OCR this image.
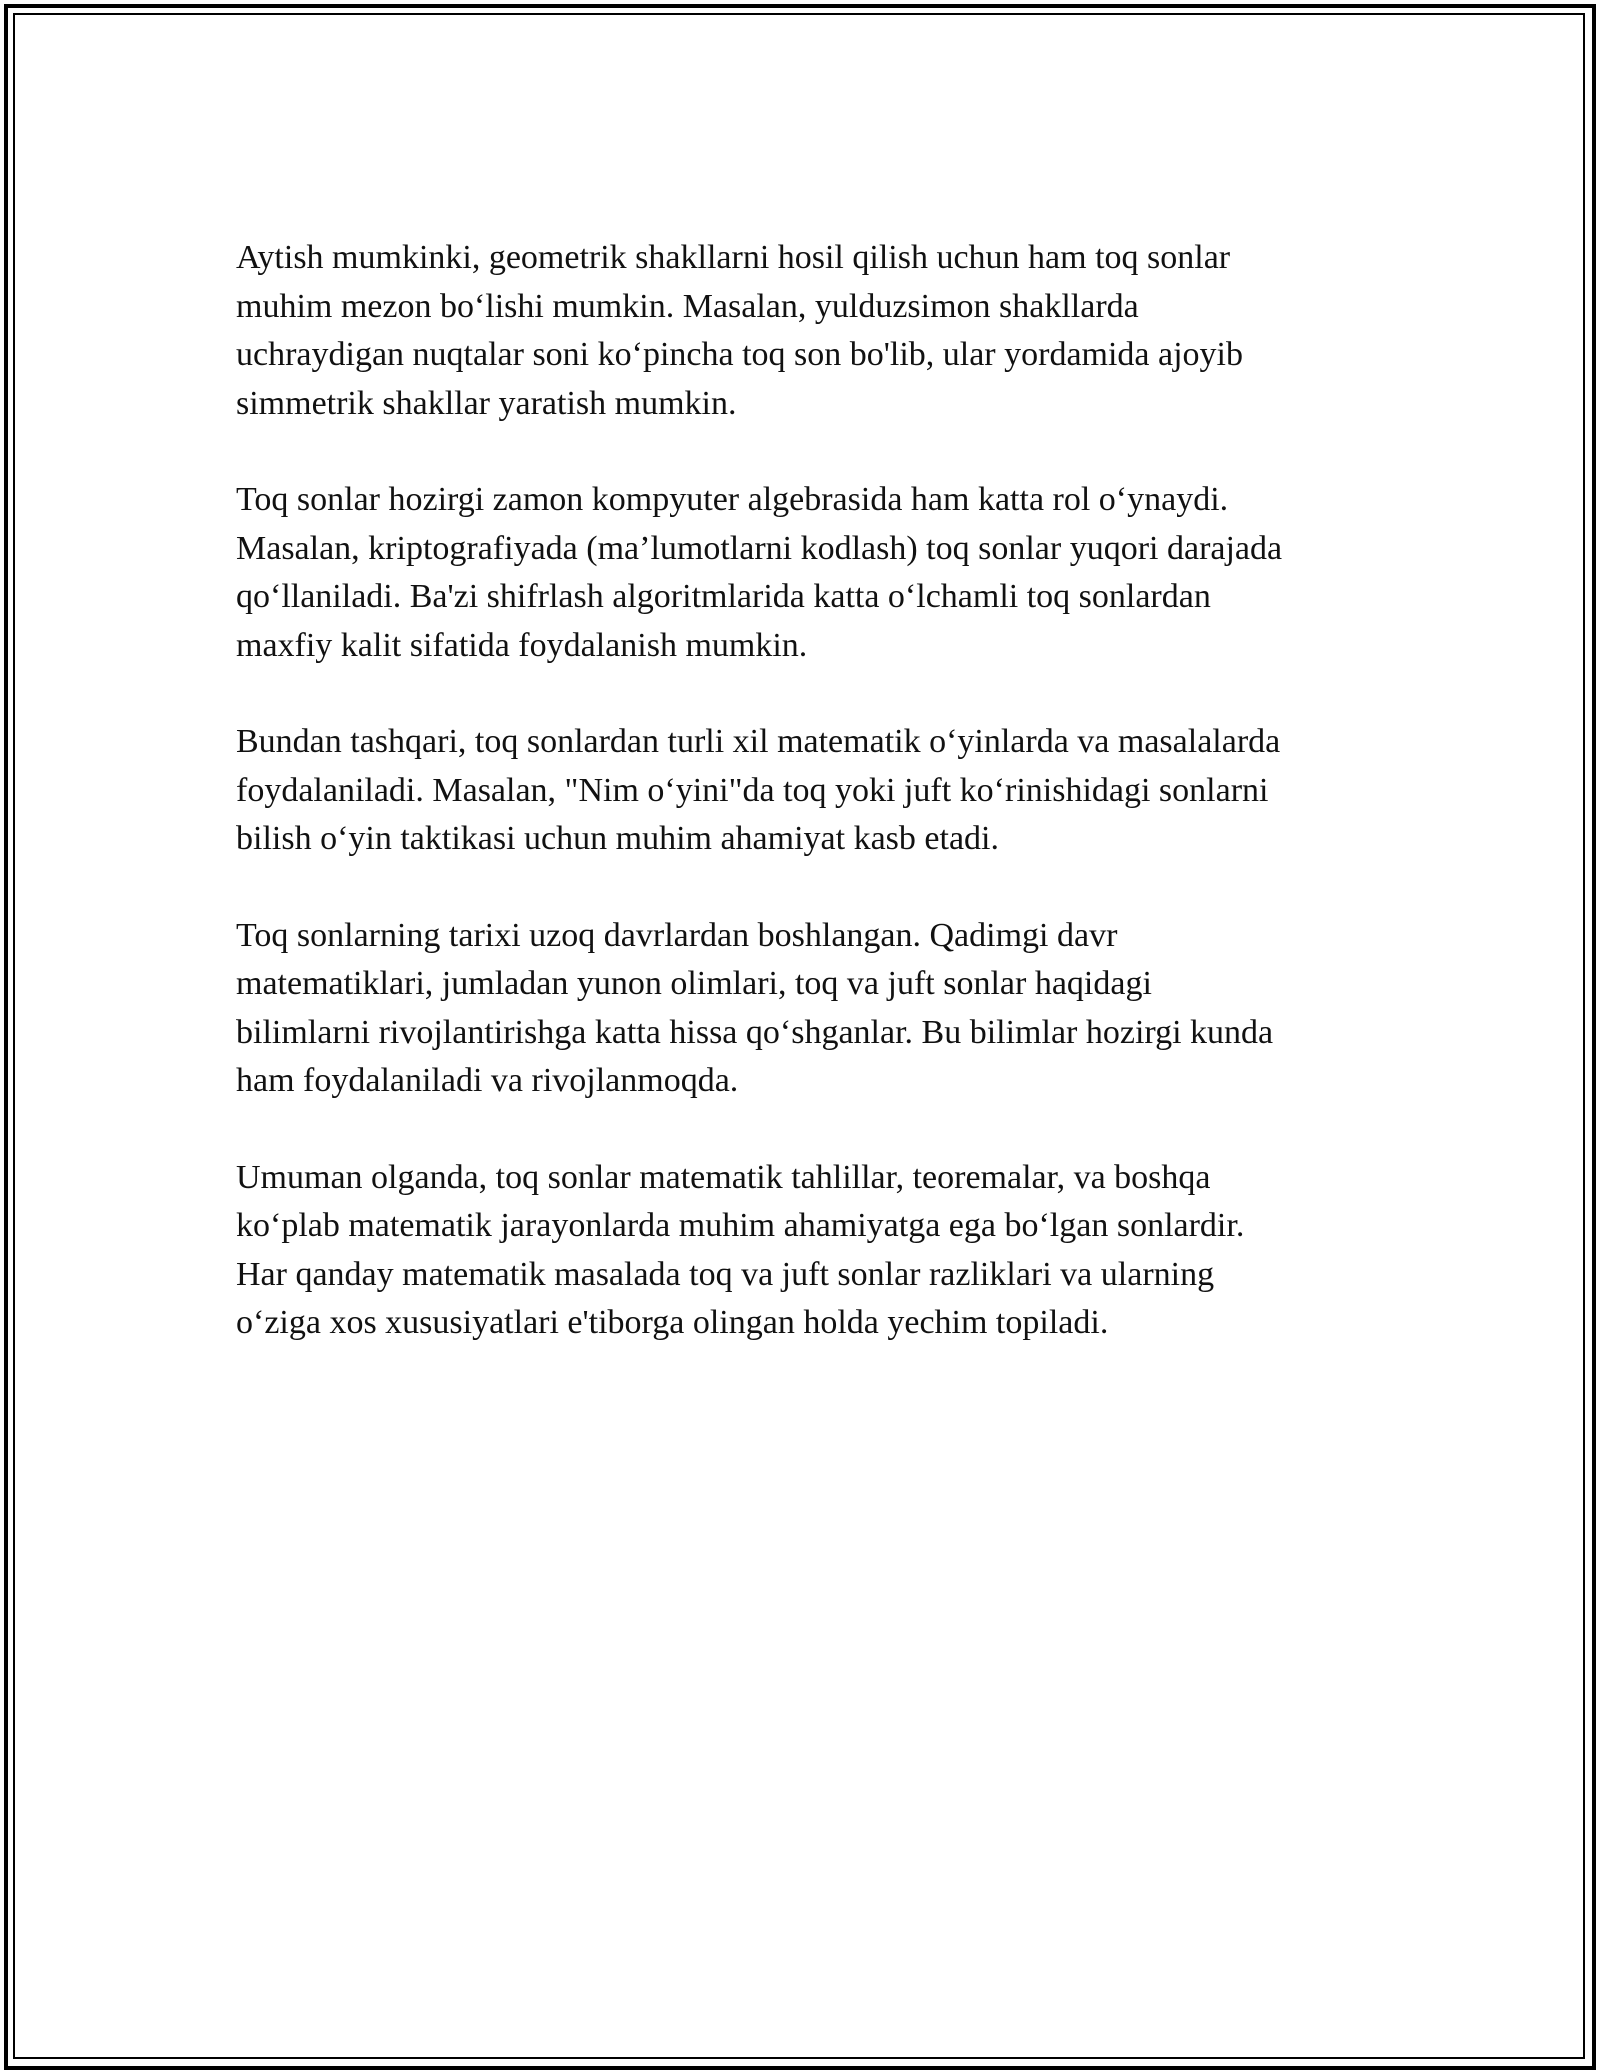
Aytish mumkinki, geometrik shakllarni hosil qilish uchun ham toq sonlar
muhim mezon bo‘lishi mumkin. Masalan, yulduzsimon shakllarda
uchraydigan nuqtalar soni ko‘pincha toq son bo'lib, ular yordamida ajoyib
simmetrik shakllar yaratish mumkin.

Toq sonlar hozirgi zamon kompyuter algebrasida ham katta rol o‘ynaydi.
Masalan, kriptografiyada (ma’lumotlarni kodlash) toq sonlar yuqori darajada
qo‘llaniladi. Ba'zi shifrlash algoritmlarida katta o‘lchamli toq sonlardan
maxfiy kalit sifatida foydalanish mumkin.

Bundan tashqari, toq sonlardan turli xil matematik o‘yinlarda va masalalarda
foydalaniladi. Masalan, "Nim o‘yini"da toq yoki juft ko‘rinishidagi sonlarni
bilish o‘yin taktikasi uchun muhim ahamiyat kasb etadi.

Toq sonlarning tarixi uzoq davrlardan boshlangan. Qadimgi davr
matematiklari, jumladan yunon olimlari, toq va juft sonlar haqidagi
bilimlarni rivojlantirishga katta hissa qo‘shganlar. Bu bilimlar hozirgi kunda
ham foydalaniladi va rivojlanmoqda.

Umuman olganda, toq sonlar matematik tahlillar, teoremalar, va boshqa
ko‘plab matematik jarayonlarda muhim ahamiyatga ega bo‘lgan sonlardir.
Har qanday matematik masalada toq va juft sonlar razliklari va ularning
o‘ziga xos xususiyatlari e'tiborga olingan holda yechim topiladi.
